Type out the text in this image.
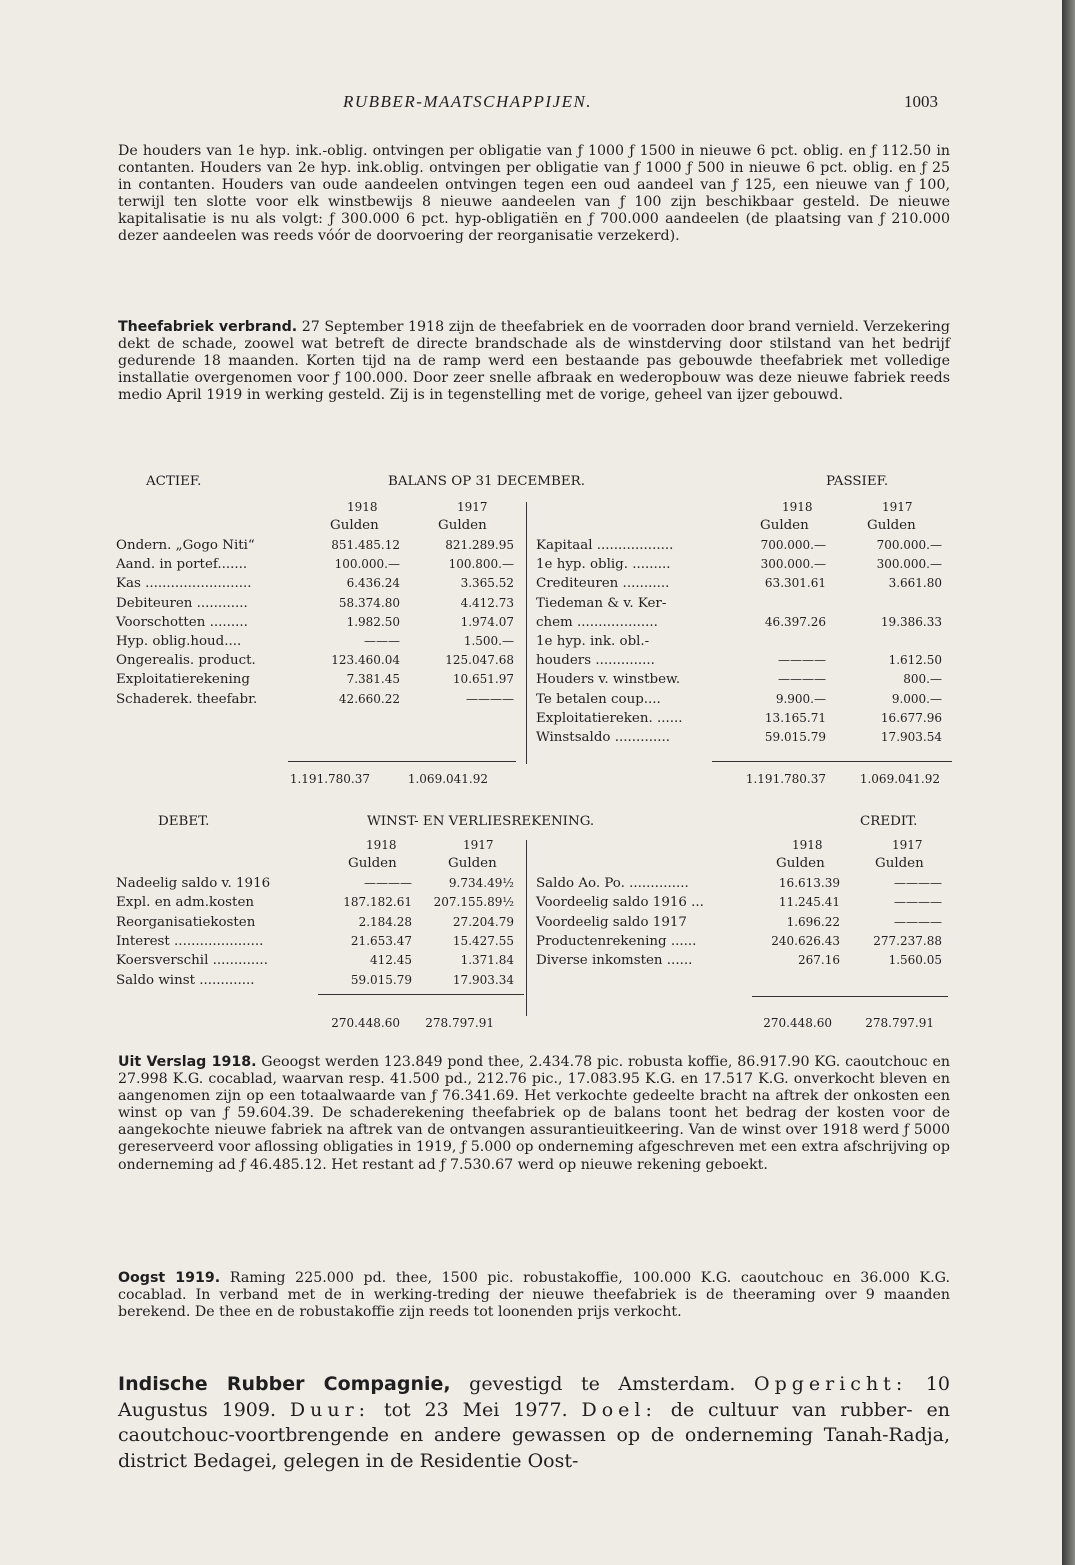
RUBBER-MAATSCHAPPIJEN.	1003

De houders van 1e hyp. ink.-oblig. ontvingen per obligatie van ƒ 1000 ƒ 1500 in nieuwe 6 pct. oblig. en ƒ 112.50 in contanten. Houders van 2e hyp. ink.oblig. ontvingen per obligatie van ƒ 1000 ƒ 500 in nieuwe 6 pct. oblig. en ƒ 25 in contanten. Houders van oude aandeelen ontvingen tegen een oud aandeel van ƒ 125, een nieuwe van ƒ 100, terwijl ten slotte voor elk winstbewijs 8 nieuwe aandeelen van ƒ 100 zijn beschikbaar gesteld. De nieuwe kapitalisatie is nu als volgt: ƒ 300.000 6 pct. hyp-obligatiën en ƒ 700.000 aandeelen (de plaatsing van ƒ 210.000 dezer aandeelen was reeds vóór de doorvoering der reorganisatie verzekerd).

Theefabriek verbrand. 27 September 1918 zijn de theefabriek en de voorraden door brand vernield. Verzekering dekt de schade, zoowel wat betreft de directe brandschade als de winstderving door stilstand van het bedrijf gedurende 18 maanden. Korten tijd na de ramp werd een bestaande pas gebouwde theefabriek met volledige installatie overgenomen voor ƒ 100.000. Door zeer snelle afbraak en wederopbouw was deze nieuwe fabriek reeds medio April 1919 in werking gesteld. Zij is in tegenstelling met de vorige, geheel van ijzer gebouwd.

ACTIEF.	BALANS OP 31 DECEMBER.	PASSIEF.
1918	1917	1918	1917
Gulden	Gulden	Gulden	Gulden
Ondern. „Gogo Niti“	851.485.12	821.289.95
Aand. in portef.......	100.000.—	100.800.—
Kas .........................	6.436.24	3.365.52
Debiteuren ............	58.374.80	4.412.73
Voorschotten .........	1.982.50	1.974.07
Hyp. oblig.houd....	———	1.500.—
Ongerealis. product.	123.460.04	125.047.68
Exploitatierekening	7.381.45	10.651.97
Schaderek. theefabr.	42.660.22	————
Kapitaal ..................	700.000.—	700.000.—
1e hyp. oblig. .........	300.000.—	300.000.—
Crediteuren ...........	63.301.61	3.661.80
Tiedeman & v. Ker-
chem ...................	46.397.26	19.386.33
1e hyp. ink. obl.-
houders ..............	————	1.612.50
Houders v. winstbew.	————	800.—
Te betalen coup....	9.900.—	9.000.—
Exploitatiereken. ......	13.165.71	16.677.96
Winstsaldo .............	59.015.79	17.903.54
1.191.780.37	1.069.041.92	1.191.780.37	1.069.041.92
DEBET.	WINST- EN VERLIESREKENING.	CREDIT.
1918	1917	1918	1917
Gulden	Gulden	Gulden	Gulden
Nadeelig saldo v. 1916	————	9.734.49½
Expl. en adm.kosten	187.182.61	207.155.89½
Reorganisatiekosten	2.184.28	27.204.79
Interest .....................	21.653.47	15.427.55
Koersverschil .............	412.45	1.371.84
Saldo winst .............	59.015.79	17.903.34
Saldo Ao. Po. ..............	16.613.39	————
Voordeelig saldo 1916 ...	11.245.41	————
Voordeelig saldo 1917	1.696.22	————
Productenrekening ......	240.626.43	277.237.88
Diverse inkomsten ......	267.16	1.560.05
270.448.60	278.797.91	270.448.60	278.797.91

Uit Verslag 1918. Geoogst werden 123.849 pond thee, 2.434.78 pic. robusta koffie, 86.917.90 KG. caoutchouc en 27.998 K.G. cocablad, waarvan resp. 41.500 pd., 212.76 pic., 17.083.95 K.G. en 17.517 K.G. onverkocht bleven en aangenomen zijn op een totaalwaarde van ƒ 76.341.69. Het verkochte gedeelte bracht na aftrek der onkosten een winst op van ƒ 59.604.39. De schaderekening theefabriek op de balans toont het bedrag der kosten voor de aangekochte nieuwe fabriek na aftrek van de ontvangen assurantieuitkeering. Van de winst over 1918 werd ƒ 5000 gereserveerd voor aflossing obligaties in 1919, ƒ 5.000 op onderneming afgeschreven met een extra afschrijving op onderneming ad ƒ 46.485.12. Het restant ad ƒ 7.530.67 werd op nieuwe rekening geboekt.

Oogst 1919. Raming 225.000 pd. thee, 1500 pic. robustakoffie, 100.000 K.G. caoutchouc en 36.000 K.G. cocablad. In verband met de in werking-treding der nieuwe theefabriek is de theeraming over 9 maanden berekend. De thee en de robustakoffie zijn reeds tot loonenden prijs verkocht.

Indische Rubber Compagnie, gevestigd te Amsterdam. Opgericht: 10 Augustus 1909. Duur: tot 23 Mei 1977. Doel: de cultuur van rubber- en caoutchouc-voortbrengende en andere gewassen op de onderneming Tanah-Radja, district Bedagei, gelegen in de Residentie Oost-
